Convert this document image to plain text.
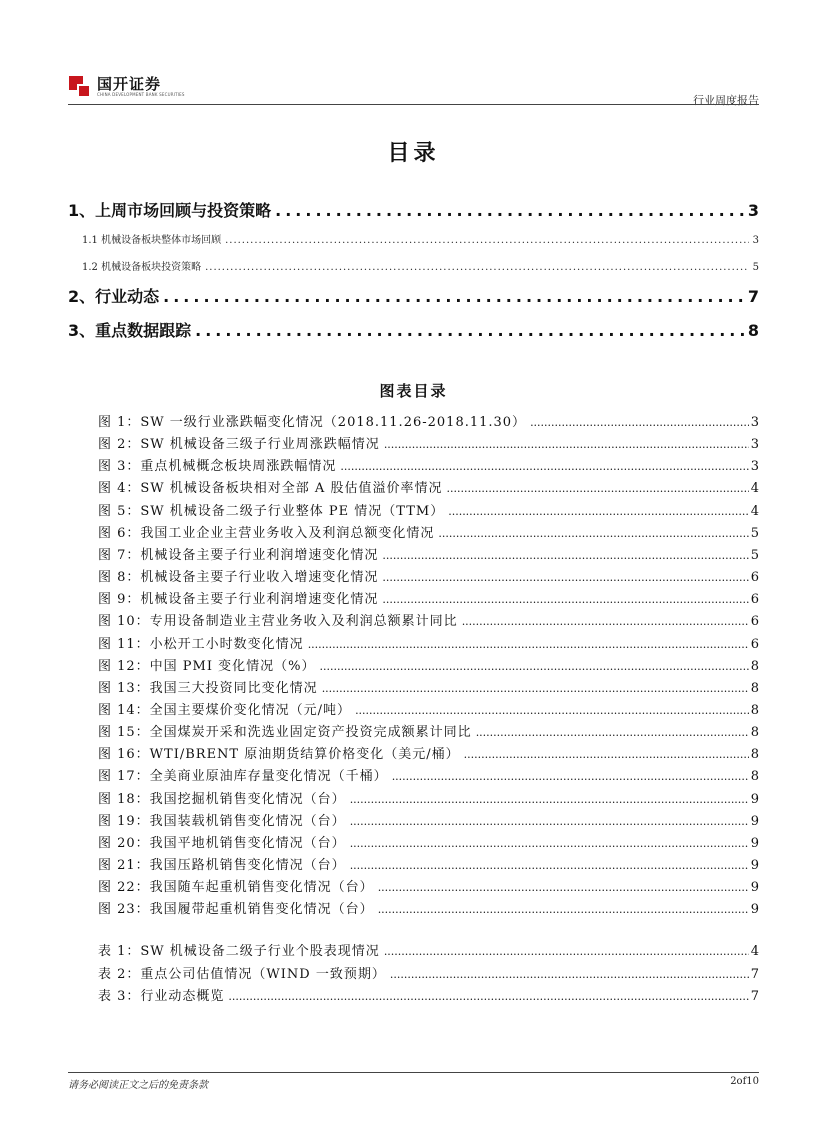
国开证券
CHINA DEVELOPMENT BANK SECURITIES	行业周度报告
目录
1、上周市场回顾与投资策略 .....	3
1.1 机械设备板块整体市场回顾 .....	3
1.2 机械设备板块投资策略 .....	5
2、行业动态 .....	7
3、重点数据跟踪 .....	8
图表目录
图 1：SW 一级行业涨跌幅变化情况（2018.11.26-2018.11.30） .....	3
图 2：SW 机械设备三级子行业周涨跌幅情况 .....	3
图 3：重点机械概念板块周涨跌幅情况 .....	3
图 4：SW 机械设备板块相对全部 A 股估值溢价率情况 .....	4
图 5：SW 机械设备二级子行业整体 PE 情况（TTM） .....	4
图 6：我国工业企业主营业务收入及利润总额变化情况 .....	5
图 7：机械设备主要子行业利润增速变化情况 .....	5
图 8：机械设备主要子行业收入增速变化情况 .....	6
图 9：机械设备主要子行业利润增速变化情况 .....	6
图 10：专用设备制造业主营业务收入及利润总额累计同比 .....	6
图 11：小松开工小时数变化情况 .....	6
图 12：中国 PMI 变化情况（%） .....	8
图 13：我国三大投资同比变化情况 .....	8
图 14：全国主要煤价变化情况（元/吨） .....	8
图 15：全国煤炭开采和洗选业固定资产投资完成额累计同比 .....	8
图 16：WTI/BRENT 原油期货结算价格变化（美元/桶） .....	8
图 17：全美商业原油库存量变化情况（千桶） .....	8
图 18：我国挖掘机销售变化情况（台） .....	9
图 19：我国装载机销售变化情况（台） .....	9
图 20：我国平地机销售变化情况（台） .....	9
图 21：我国压路机销售变化情况（台） .....	9
图 22：我国随车起重机销售变化情况（台） .....	9
图 23：我国履带起重机销售变化情况（台） .....	9
表 1：SW 机械设备二级子行业个股表现情况 .....	4
表 2：重点公司估值情况（WIND 一致预期） .....	7
表 3：行业动态概览 .....	7
请务必阅读正文之后的免责条款	2of10
